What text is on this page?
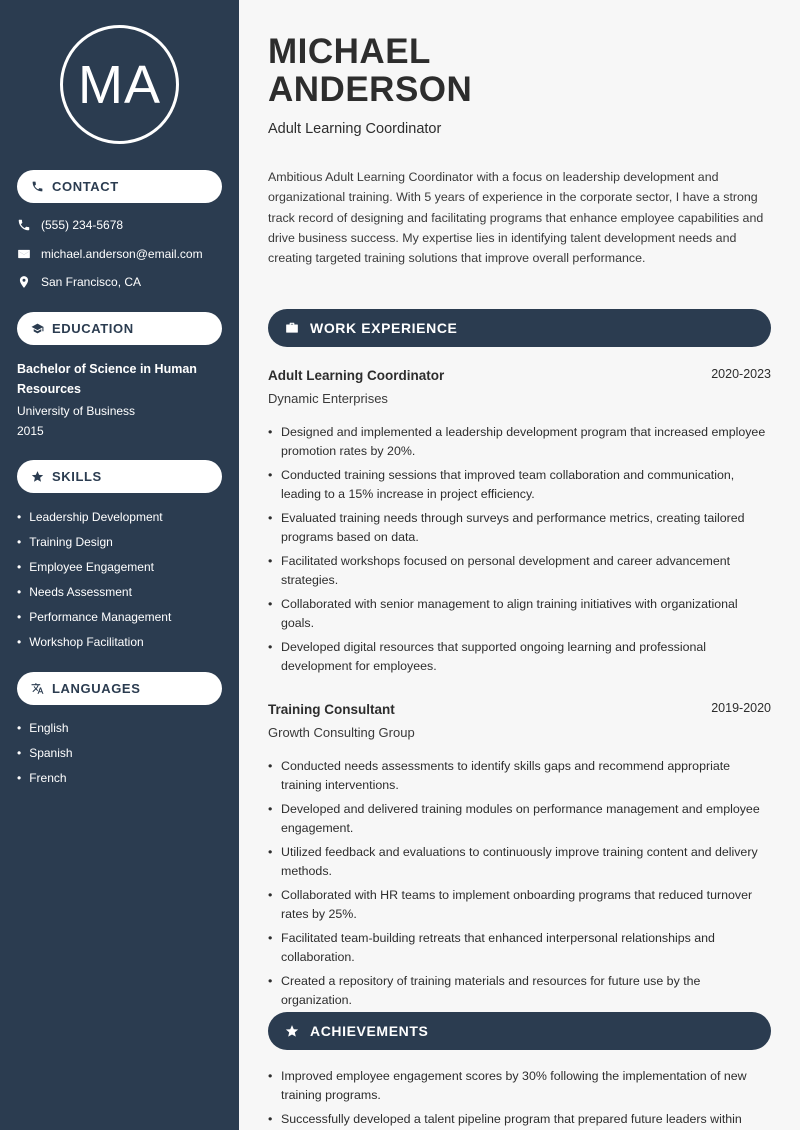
MA
CONTACT
(555) 234-5678
michael.anderson@email.com
San Francisco, CA
EDUCATION
Bachelor of Science in Human Resources
University of Business
2015
SKILLS
• Leadership Development
• Training Design
• Employee Engagement
• Needs Assessment
• Performance Management
• Workshop Facilitation
LANGUAGES
• English
• Spanish
• French
MICHAEL
ANDERSON
Adult Learning Coordinator

Ambitious Adult Learning Coordinator with a focus on leadership development and organizational training. With 5 years of experience in the corporate sector, I have a strong track record of designing and facilitating programs that enhance employee capabilities and drive business success. My expertise lies in identifying talent development needs and creating targeted training solutions that improve overall performance.

WORK EXPERIENCE
Adult Learning Coordinator	2020-2023
Dynamic Enterprises
• Designed and implemented a leadership development program that increased employee promotion rates by 20%.
• Conducted training sessions that improved team collaboration and communication, leading to a 15% increase in project efficiency.
• Evaluated training needs through surveys and performance metrics, creating tailored programs based on data.
• Facilitated workshops focused on personal development and career advancement strategies.
• Collaborated with senior management to align training initiatives with organizational goals.
• Developed digital resources that supported ongoing learning and professional development for employees.
Training Consultant	2019-2020
Growth Consulting Group
• Conducted needs assessments to identify skills gaps and recommend appropriate training interventions.
• Developed and delivered training modules on performance management and employee engagement.
• Utilized feedback and evaluations to continuously improve training content and delivery methods.
• Collaborated with HR teams to implement onboarding programs that reduced turnover rates by 25%.
• Facilitated team-building retreats that enhanced interpersonal relationships and collaboration.
• Created a repository of training materials and resources for future use by the organization.
ACHIEVEMENTS
• Improved employee engagement scores by 30% following the implementation of new training programs.
• Successfully developed a talent pipeline program that prepared future leaders within
